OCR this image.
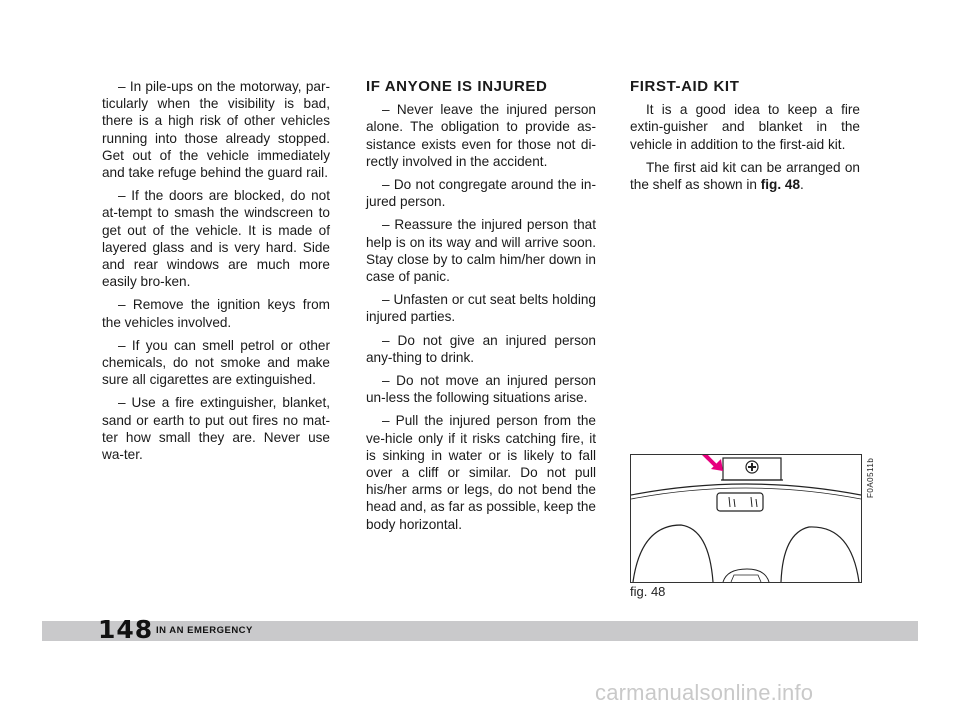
– In pile-ups on the motorway, par-ticularly when the visibility is bad, there is a high risk of other vehicles running into those already stopped. Get out of the vehicle immediately and take refuge behind the guard rail.

– If the doors are blocked, do not at-tempt to smash the windscreen to get out of the vehicle. It is made of layered glass and is very hard. Side and rear windows are much more easily bro-ken.

– Remove the ignition keys from the vehicles involved.

– If you can smell petrol or other chemicals, do not smoke and make sure all cigarettes are extinguished.

– Use a fire extinguisher, blanket, sand or earth to put out fires no mat-ter how small they are. Never use wa-ter.

IF ANYONE IS INJURED

– Never leave the injured person alone. The obligation to provide as-sistance exists even for those not di-rectly involved in the accident.

– Do not congregate around the in-jured person.

– Reassure the injured person that help is on its way and will arrive soon. Stay close by to calm him/her down in case of panic.

– Unfasten or cut seat belts holding injured parties.

– Do not give an injured person any-thing to drink.

– Do not move an injured person un-less the following situations arise.

– Pull the injured person from the ve-hicle only if it risks catching fire, it is sinking in water or is likely to fall over a cliff or similar. Do not pull his/her arms or legs, do not bend the head and, as far as possible, keep the body horizontal.

FIRST-AID KIT

It is a good idea to keep a fire extin-guisher and blanket in the vehicle in addition to the first-aid kit.

The first aid kit can be arranged on the shelf as shown in fig. 48.

F0A0511b
fig. 48
148 IN AN EMERGENCY
carmanualsonline.info
